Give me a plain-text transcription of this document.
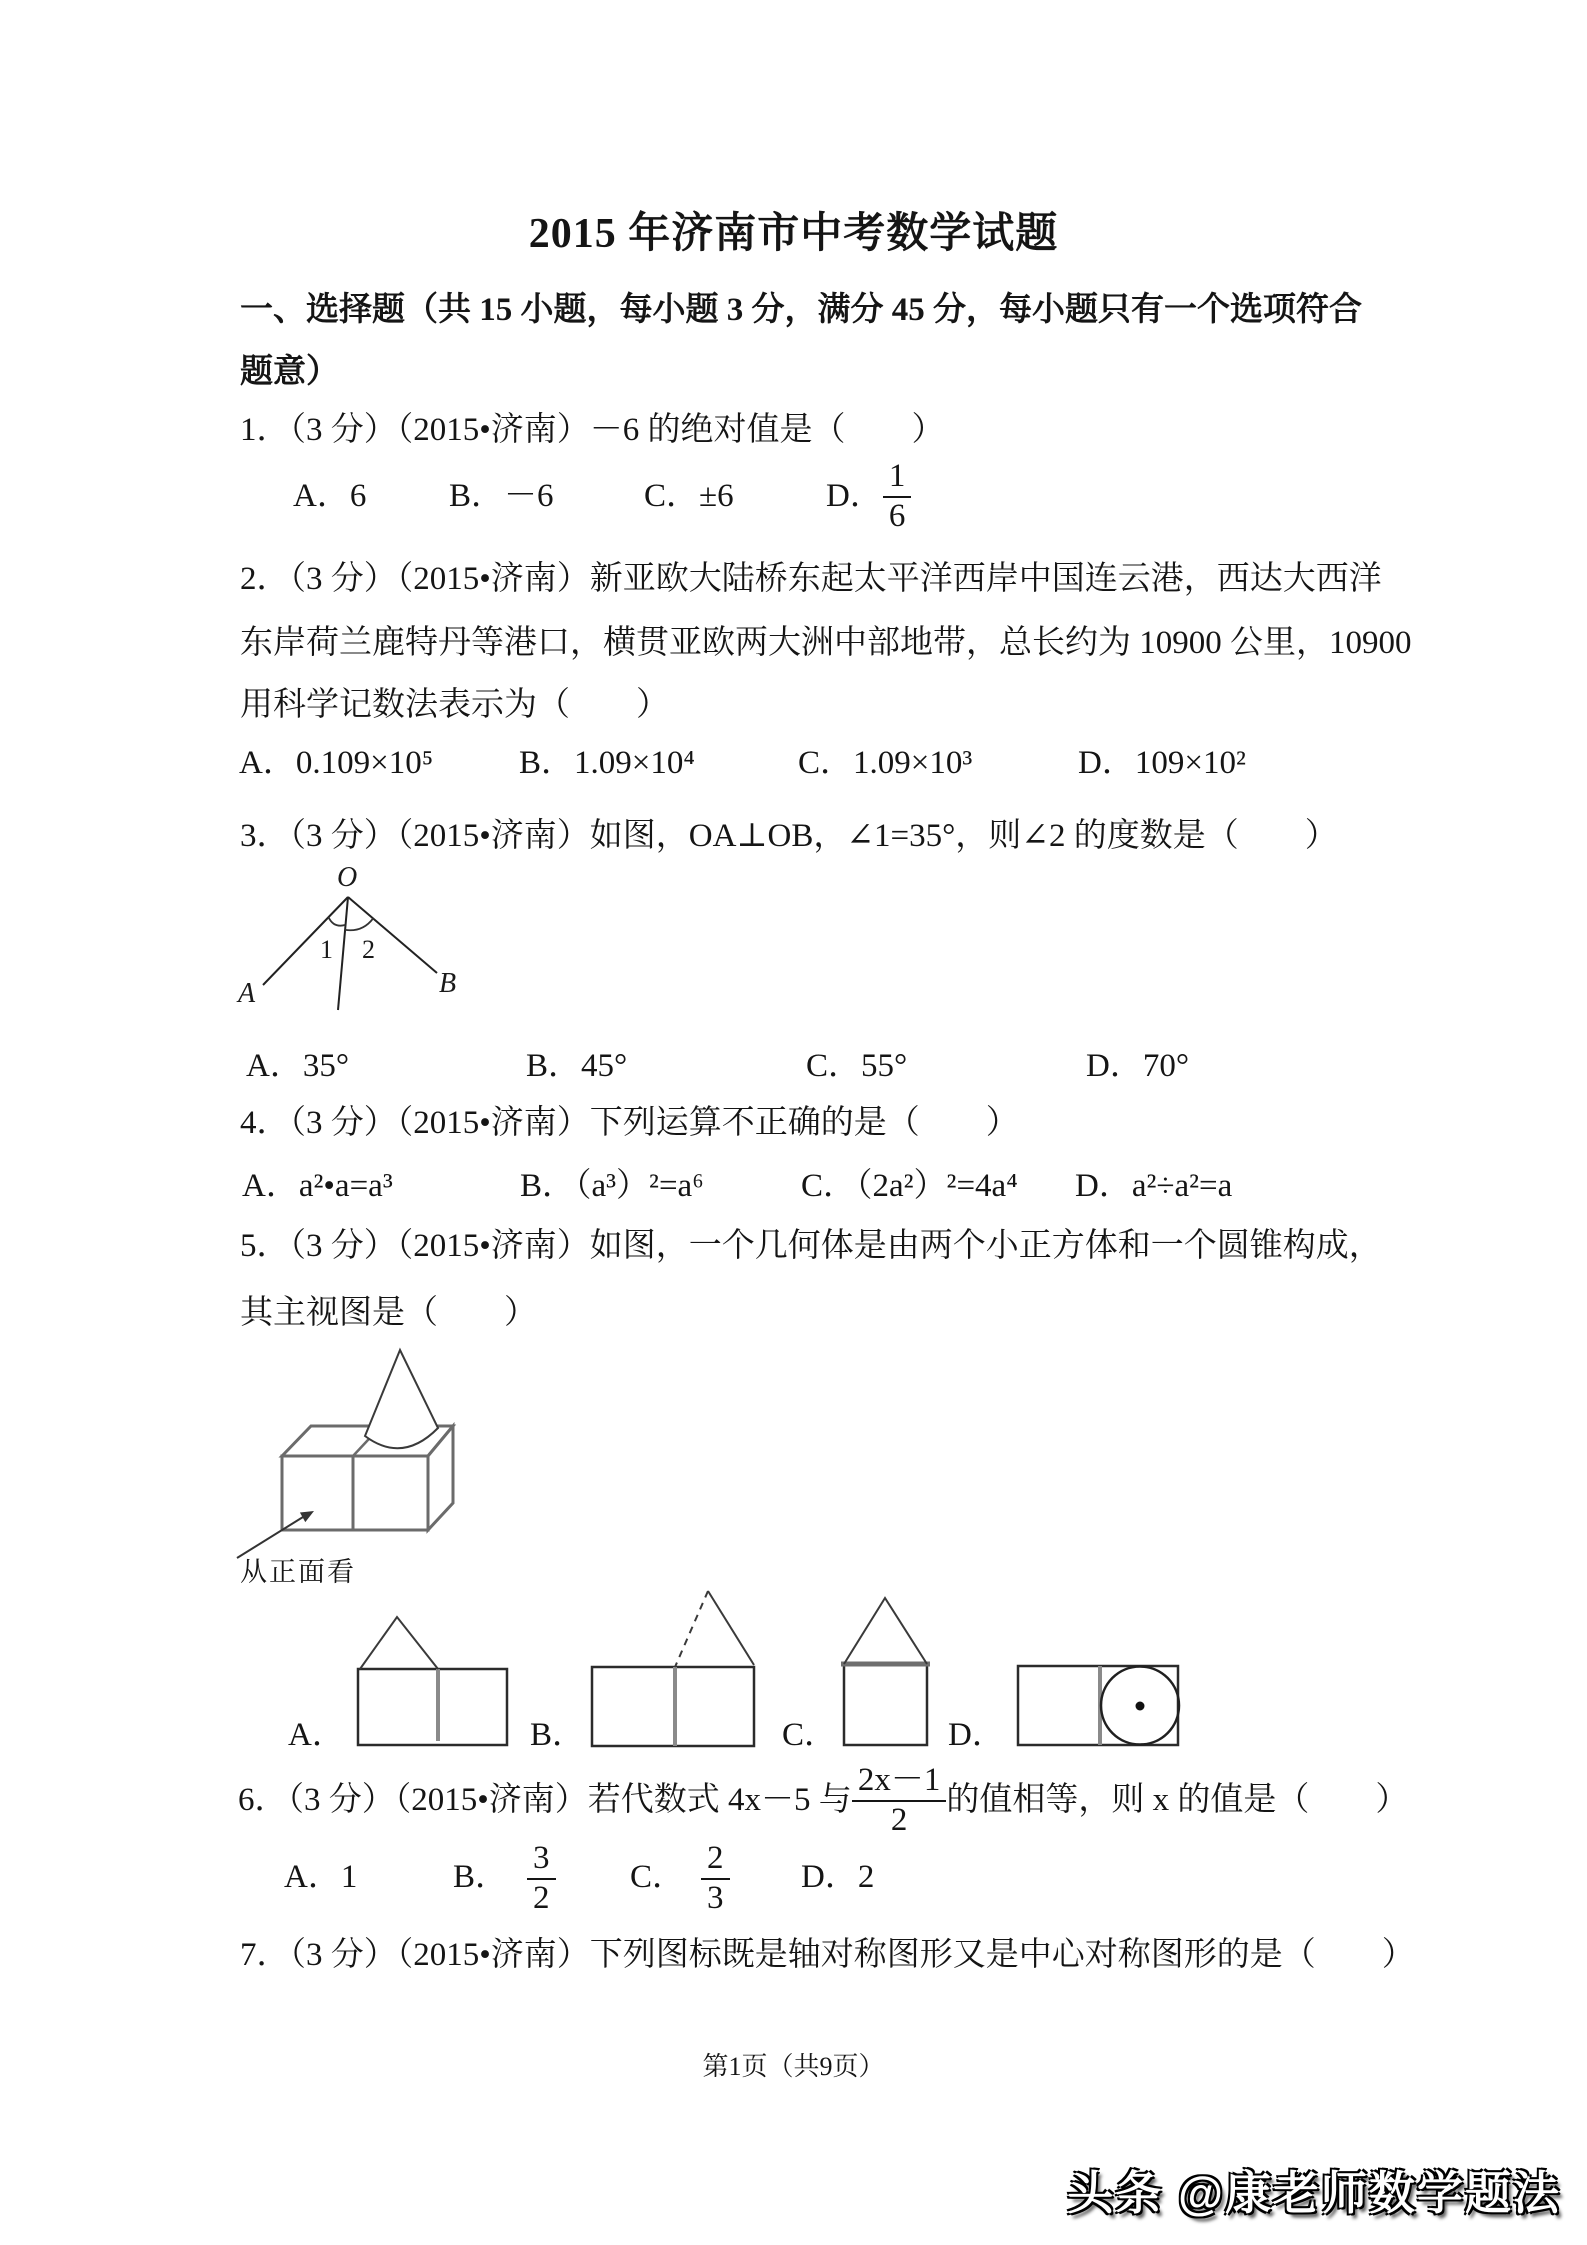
2015 年济南市中考数学试题
一、选择题（共 15 小题，每小题 3 分，满分 45 分，每小题只有一个选项符合
题意）
1．（3 分）（2015•济南）－6 的绝对值是（　　）
A．6	B．－6	C．±6	D． $\frac{1}{6}$
2．（3 分）（2015•济南）新亚欧大陆桥东起太平洋西岸中国连云港，西达大西洋
东岸荷兰鹿特丹等港口，横贯亚欧两大洲中部地带，总长约为 10900 公里，10900
用科学记数法表示为（　　）
A．0.109×10⁵	B．1.09×10⁴	C．1.09×10³	D．109×10²
3．（3 分）（2015•济南）如图，OA⊥OB，∠1=35°，则∠2 的度数是（　　）
O
A	B
1 2
A．35°	B．45°	C．55°	D．70°
4．（3 分）（2015•济南）下列运算不正确的是（　　）
A．a²•a=a³	B．（a³）²=a⁶	C．（2a²）²=4a⁴ D．a²÷a²=a
5．（3 分）（2015•济南）如图，一个几何体是由两个小正方体和一个圆锥构成，
其主视图是（　　）
从正面看
A．	B．	C．	D．
6．（3 分）（2015•济南）若代数式 4x－5 与 $\frac{2x-1}{2}$ 的值相等，则 x 的值是（　　）
A．1	B． $\frac{3}{2}$ C． $\frac{2}{3}$ D．2
7．（3 分）（2015•济南）下列图标既是轴对称图形又是中心对称图形的是（　　）
第1页（共9页）
头条 @康老师数学题法
